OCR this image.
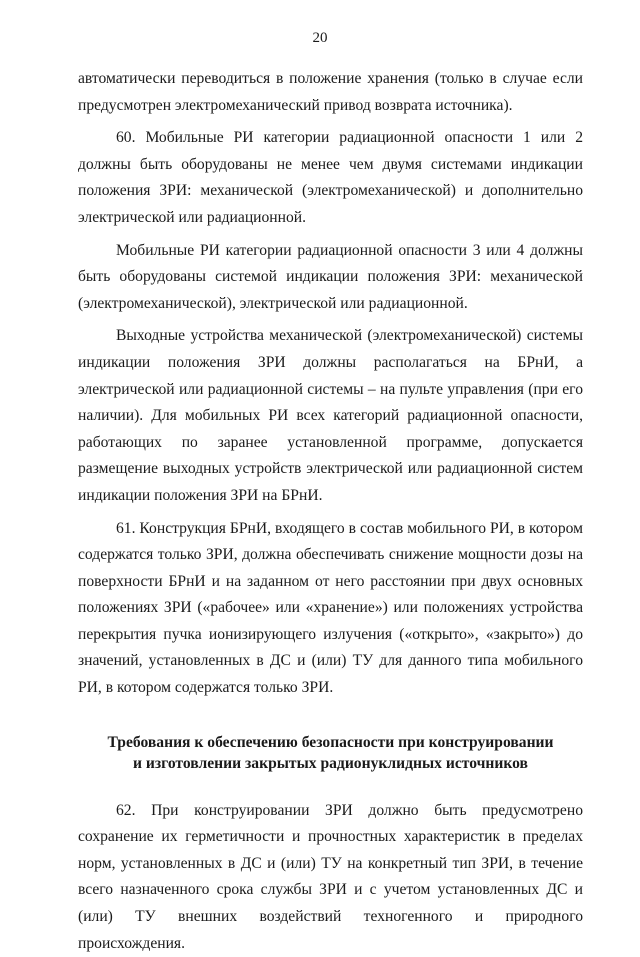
20

автоматически переводиться в положение хранения (только в случае если предусмотрен электромеханический привод возврата источника).

60. Мобильные РИ категории радиационной опасности 1 или 2 должны быть оборудованы не менее чем двумя системами индикации положения ЗРИ: механической (электромеханической) и дополнительно электрической или радиационной.

Мобильные РИ категории радиационной опасности 3 или 4 должны быть оборудованы системой индикации положения ЗРИ: механической (электромеханической), электрической или радиационной.

Выходные устройства механической (электромеханической) системы индикации положения ЗРИ должны располагаться на БРнИ, а электрической или радиационной системы – на пульте управления (при его наличии). Для мобильных РИ всех категорий радиационной опасности, работающих по заранее установленной программе, допускается размещение выходных устройств электрической или радиационной систем индикации положения ЗРИ на БРнИ.

61. Конструкция БРнИ, входящего в состав мобильного РИ, в котором содержатся только ЗРИ, должна обеспечивать снижение мощности дозы на поверхности БРнИ и на заданном от него расстоянии при двух основных положениях ЗРИ («рабочее» или «хранение») или положениях устройства перекрытия пучка ионизирующего излучения («открыто», «закрыто») до значений, установленных в ДС и (или) ТУ для данного типа мобильного РИ, в котором содержатся только ЗРИ.

Требования к обеспечению безопасности при конструировании
и изготовлении закрытых радионуклидных источников

62. При конструировании ЗРИ должно быть предусмотрено сохранение их герметичности и прочностных характеристик в пределах норм, установленных в ДС и (или) ТУ на конкретный тип ЗРИ, в течение всего назначенного срока службы ЗРИ и с учетом установленных ДС и (или) ТУ внешних воздействий техногенного и природного происхождения.
